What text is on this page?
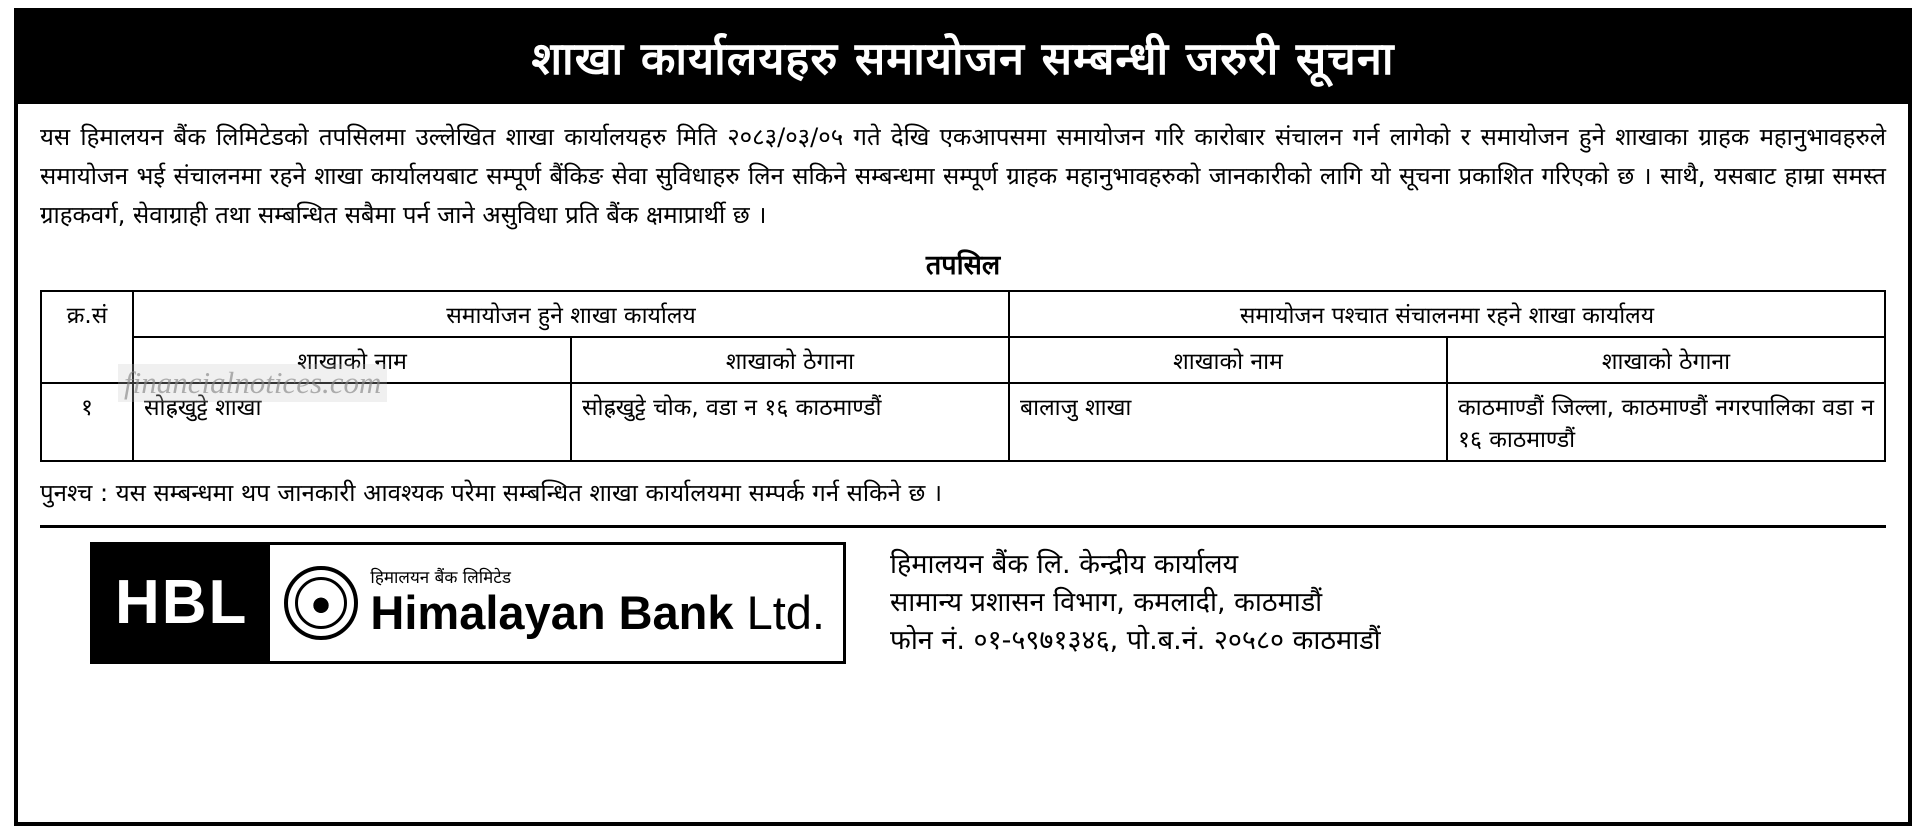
शाखा कार्यालयहरु समायोजन सम्बन्धी जरुरी सूचना

यस हिमालयन बैंक लिमिटेडको तपसिलमा उल्लेखित शाखा कार्यालयहरु मिति २०८३/०३/०५ गते देखि एकआपसमा समायोजन गरि कारोबार संचालन गर्न लागेको र समायोजन हुने शाखाका ग्राहक महानुभावहरुले समायोजन भई संचालनमा रहने शाखा कार्यालयबाट सम्पूर्ण बैंकिङ सेवा सुविधाहरु लिन सकिने सम्बन्धमा सम्पूर्ण ग्राहक महानुभावहरुको जानकारीको लागि यो सूचना प्रकाशित गरिएको छ । साथै, यसबाट हाम्रा समस्त ग्राहकवर्ग, सेवाग्राही तथा सम्बन्धित सबैमा पर्न जाने असुविधा प्रति बैंक क्षमाप्रार्थी छ ।

तपसिल
क्र.सं	समायोजन हुने शाखा कार्यालय		समायोजन पश्चात संचालनमा रहने शाखा कार्यालय	
	शाखाको नाम	शाखाको ठेगाना	शाखाको नाम	शाखाको ठेगाना
१	सोह्रखुट्टे शाखा	सोह्रखुट्टे चोक, वडा न १६ काठमाण्डौं	बालाजु शाखा	काठमाण्डौं जिल्ला, काठमाण्डौं नगरपालिका वडा न १६ काठमाण्डौं

पुनश्च : यस सम्बन्धमा थप जानकारी आवश्यक परेमा सम्बन्धित शाखा कार्यालयमा सम्पर्क गर्न सकिने छ ।

HBL	हिमालयन बैंक लिमिटेड
Himalayan Bank Ltd.
हिमालयन बैंक लि. केन्द्रीय कार्यालय
सामान्य प्रशासन विभाग, कमलादी, काठमाडौं
फोन नं. ०१-५९७१३४६, पो.ब.नं. २०५८० काठमाडौं
financialnotices.com
